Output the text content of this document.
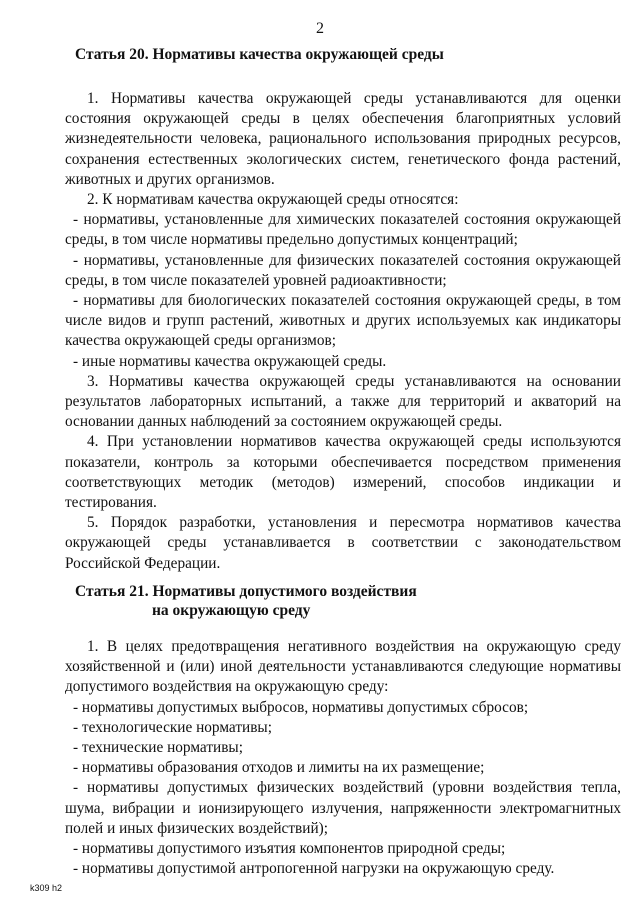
2
Статья 20. Нормативы качества окружающей среды

1. Нормативы качества окружающей среды устанавливаются для оценки состояния окружающей среды в целях обеспечения благоприятных условий жизнедеятельности человека, рационального использования природных ресурсов, сохранения естественных экологических систем, генетического фонда растений, животных и других организмов.

2. К нормативам качества окружающей среды относятся:

- нормативы, установленные для химических показателей состояния окружающей среды, в том числе нормативы предельно допустимых концентраций;

- нормативы, установленные для физических показателей состояния окружающей среды, в том числе показателей уровней радиоактивности;

- нормативы для биологических показателей состояния окружающей среды, в том числе видов и групп растений, животных и других используемых как индикаторы качества окружающей среды организмов;

- иные нормативы качества окружающей среды.

3. Нормативы качества окружающей среды устанавливаются на основании результатов лабораторных испытаний, а также для территорий и акваторий на основании данных наблюдений за состоянием окружающей среды.

4. При установлении нормативов качества окружающей среды используются показатели, контроль за которыми обеспечивается посредством применения соответствующих методик (методов) измерений, способов индикации и тестирования.

5. Порядок разработки, установления и пересмотра нормативов качества окружающей среды устанавливается в соответствии с законодательством Российской Федерации.

Статья 21. Нормативы допустимого воздействия
на окружающую среду

1. В целях предотвращения негативного воздействия на окружающую среду хозяйственной и (или) иной деятельности устанавливаются следующие нормативы допустимого воздействия на окружающую среду:

- нормативы допустимых выбросов, нормативы допустимых сбросов;

- технологические нормативы;

- технические нормативы;

- нормативы образования отходов и лимиты на их размещение;

- нормативы допустимых физических воздействий (уровни воздействия тепла, шума, вибрации и ионизирующего излучения, напряженности электромагнитных полей и иных физических воздействий);

- нормативы допустимого изъятия компонентов природной среды;

- нормативы допустимой антропогенной нагрузки на окружающую среду.

k309 h2
